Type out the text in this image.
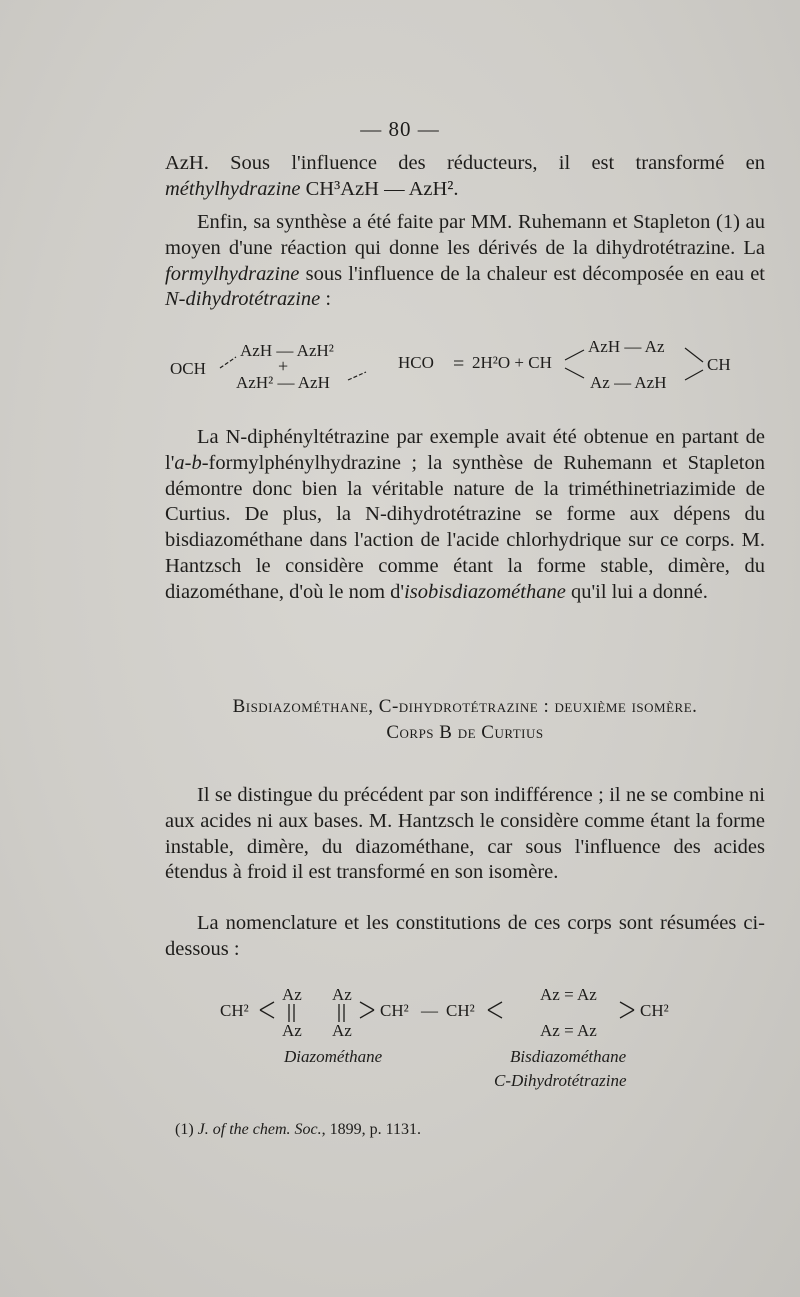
— 80 —

AzH. Sous l'influence des réducteurs, il est transformé en méthylhydrazine CH³AzH — AzH².

Enfin, sa synthèse a été faite par MM. Ruhemann et Stapleton (1) au moyen d'une réaction qui donne les dérivés de la dihydrotétrazine. La formylhydrazine sous l'influence de la chaleur est décomposée en eau et N-dihydrotétrazine :

OCH
AzH — AzH²
+
AzH² — AzH
HCO = 2H²O + CH
AzH — Az
Az — AzH
CH

La N-diphényltétrazine par exemple avait été obtenue en partant de l'a-b-formylphénylhydrazine ; la synthèse de Ruhemann et Stapleton démontre donc bien la véritable nature de la triméthinetriazimide de Curtius. De plus, la N-dihydrotétrazine se forme aux dépens du bisdiazométhane dans l'action de l'acide chlorhydrique sur ce corps. M. Hantzsch le considère comme étant la forme stable, dimère, du diazométhane, d'où le nom d'isobisdiazométhane qu'il lui a donné.

Bisdiazométhane, C-dihydrotétrazine : deuxième isomère.
Corps B de Curtius

Il se distingue du précédent par son indifférence ; il ne se combine ni aux acides ni aux bases. M. Hantzsch le considère comme étant la forme instable, dimère, du diazométhane, car sous l'influence des acides étendus à froid il est transformé en son isomère.

La nomenclature et les constitutions de ces corps sont résumées ci-dessous :

CH²
Az
Az
Az
Az
CH² — CH²
Az = Az
Az = Az
CH²
Diazométhane	Bisdiazométhane
C-Dihydrotétrazine
(1) J. of the chem. Soc., 1899, p. 1131.
